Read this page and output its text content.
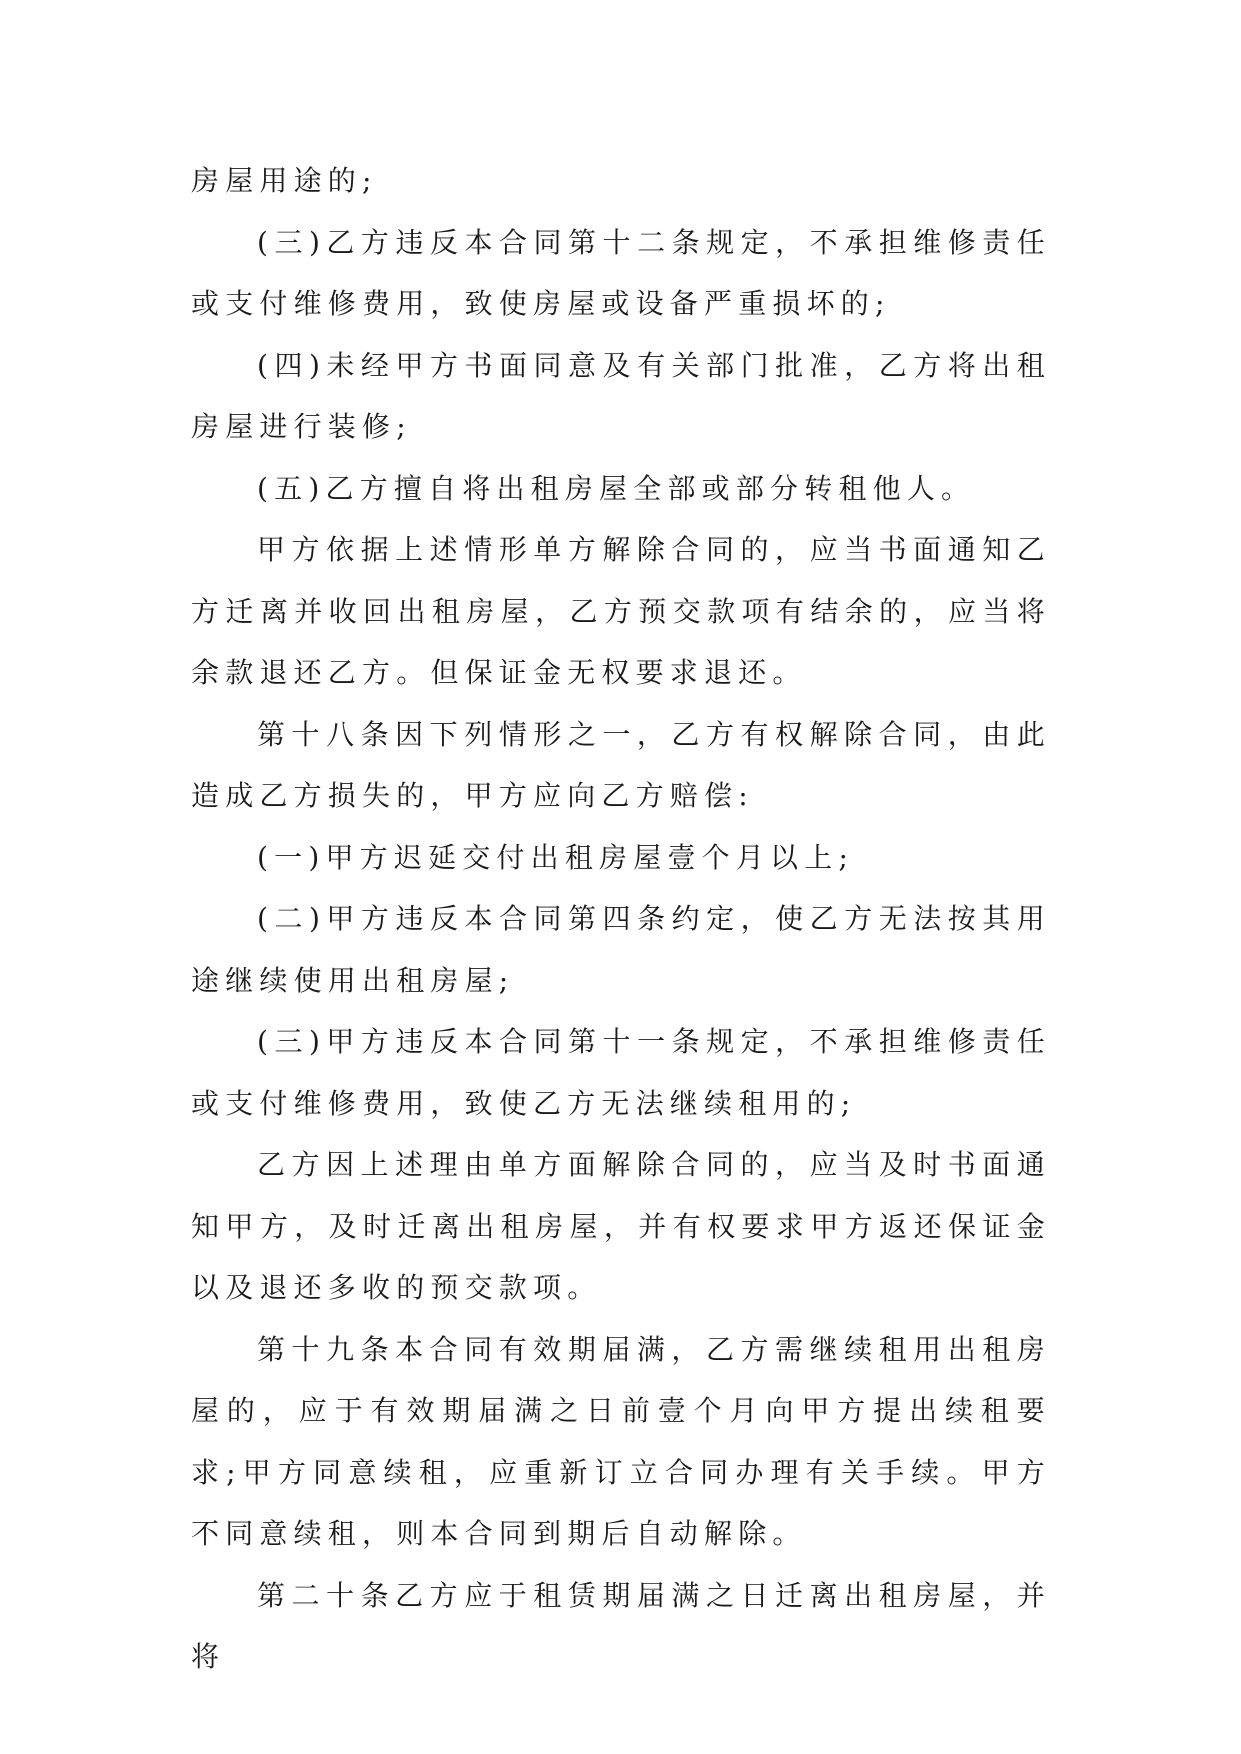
房屋用途的;

(三)乙方违反本合同第十二条规定，不承担维修责任或支付维修费用，致使房屋或设备严重损坏的;

(四)未经甲方书面同意及有关部门批准，乙方将出租房屋进行装修;

(五)乙方擅自将出租房屋全部或部分转租他人。

甲方依据上述情形单方解除合同的，应当书面通知乙方迁离并收回出租房屋，乙方预交款项有结余的，应当将余款退还乙方。但保证金无权要求退还。

第十八条因下列情形之一，乙方有权解除合同，由此造成乙方损失的，甲方应向乙方赔偿:

(一)甲方迟延交付出租房屋壹个月以上;

(二)甲方违反本合同第四条约定，使乙方无法按其用途继续使用出租房屋;

(三)甲方违反本合同第十一条规定，不承担维修责任或支付维修费用，致使乙方无法继续租用的;

乙方因上述理由单方面解除合同的，应当及时书面通知甲方，及时迁离出租房屋，并有权要求甲方返还保证金以及退还多收的预交款项。

第十九条本合同有效期届满，乙方需继续租用出租房屋的，应于有效期届满之日前壹个月向甲方提出续租要求;甲方同意续租，应重新订立合同办理有关手续。甲方不同意续租，则本合同到期后自动解除。

第二十条乙方应于租赁期届满之日迁离出租房屋，并将
